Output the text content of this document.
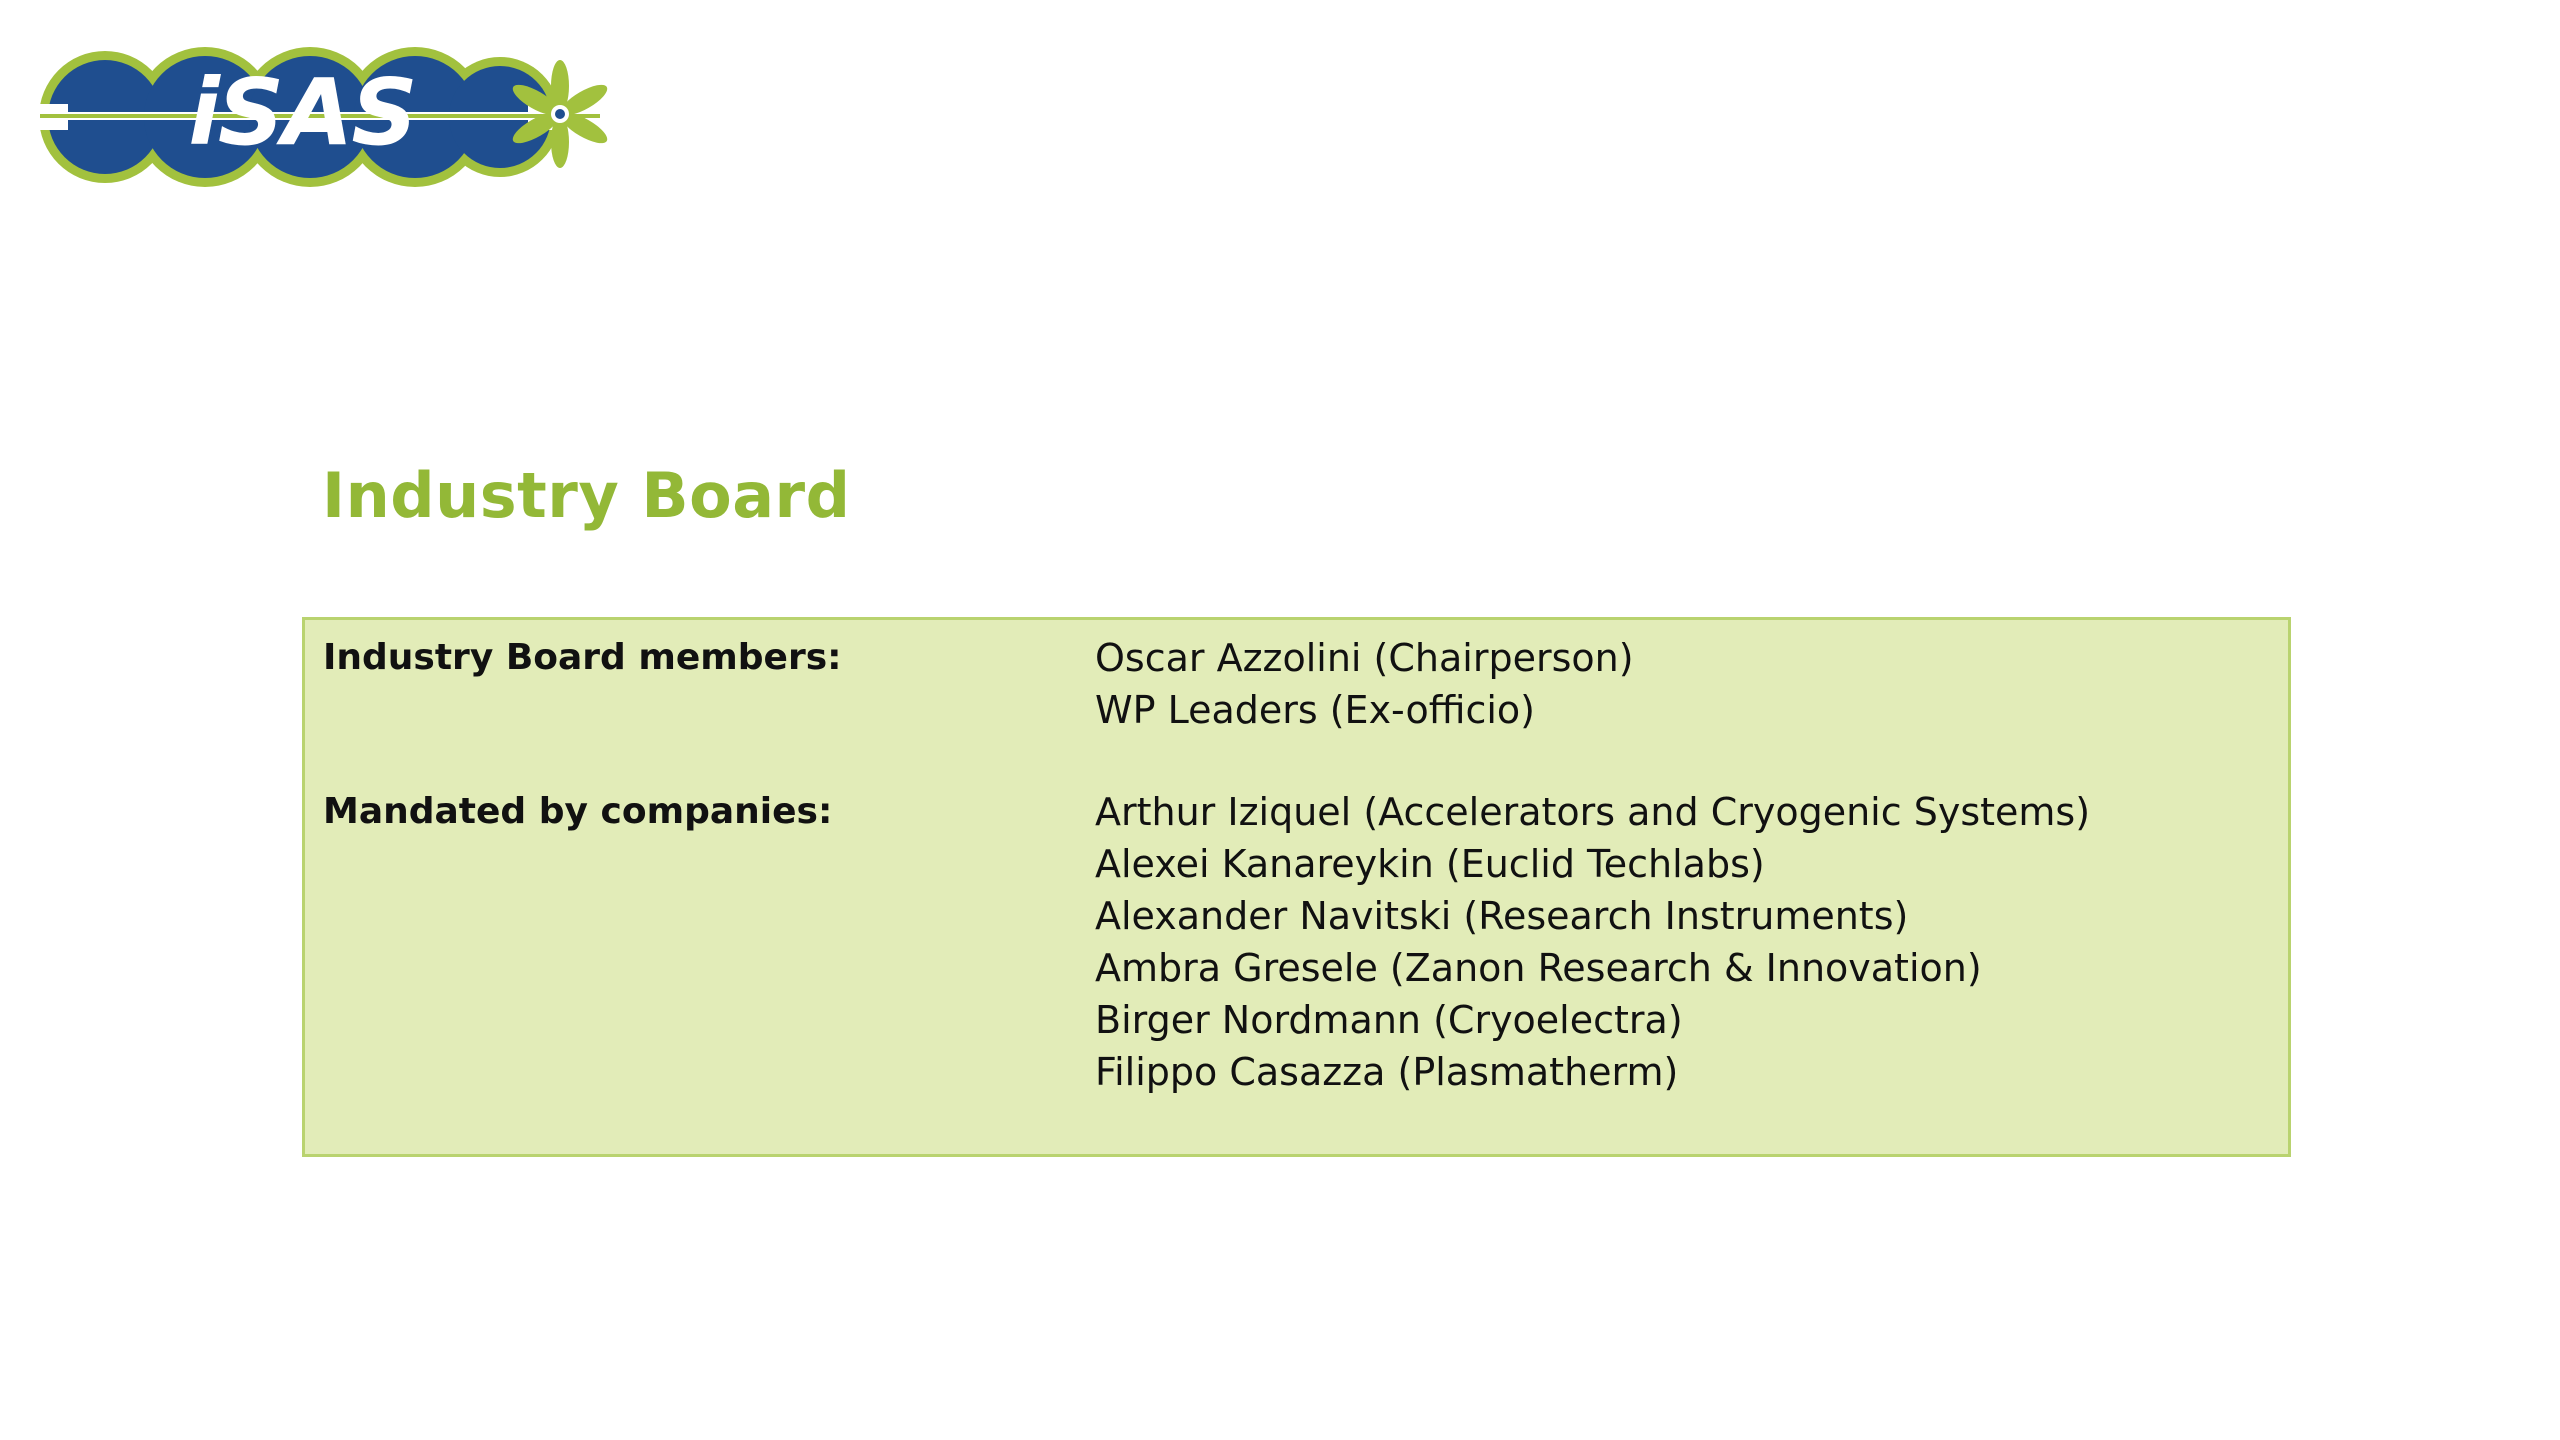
iSAS
Industry Board

Industry Board members:	Oscar Azzolini (Chairperson)
WP Leaders (Ex-officio)

Mandated by companies:	Arthur Iziquel (Accelerators and Cryogenic Systems)
Alexei Kanareykin (Euclid Techlabs)
Alexander Navitski (Research Instruments)
Ambra Gresele (Zanon Research & Innovation)
Birger Nordmann (Cryoelectra)
Filippo Casazza (Plasmatherm)
